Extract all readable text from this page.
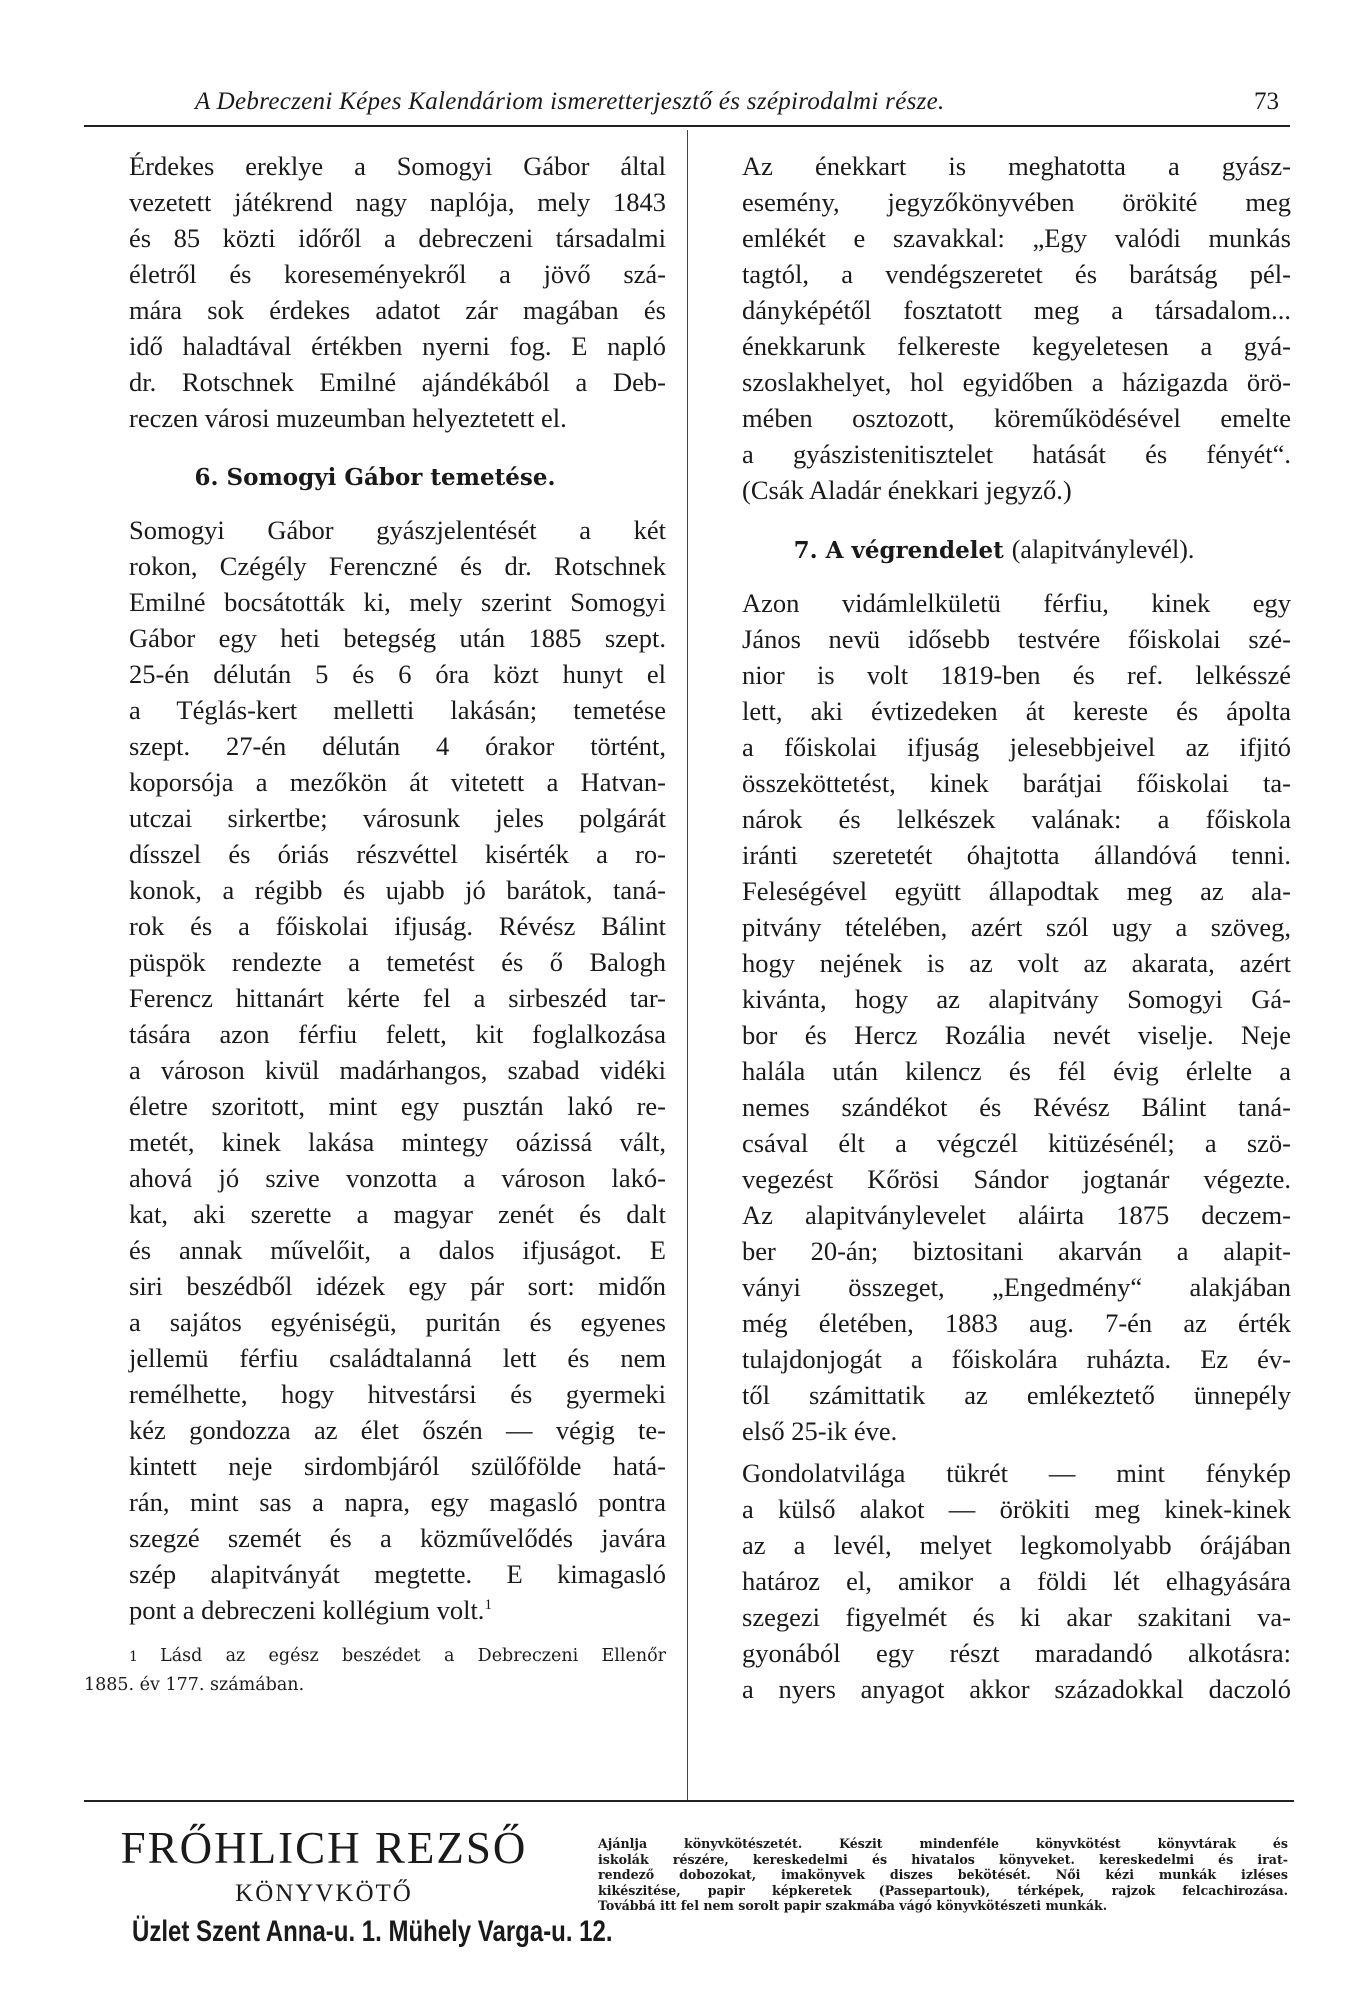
A Debreczeni Képes Kalendáriom ismeretterjesztő és szépirodalmi része.	73

Érdekes ereklye a Somogyi Gábor által
vezetett játékrend nagy naplója, mely 1843
és 85 közti időről a debreczeni társadalmi
életről és koreseményekről a jövő szá-
mára sok érdekes adatot zár magában és
idő haladtával értékben nyerni fog. E napló
dr. Rotschnek Emilné ajándékából a Deb-
reczen városi muzeumban helyeztetett el.

6. Somogyi Gábor temetése.

Somogyi Gábor gyászjelentését a két
rokon, Czégély Ferenczné és dr. Rotschnek
Emilné bocsátották ki, mely szerint Somogyi
Gábor egy heti betegség után 1885 szept.
25-én délután 5 és 6 óra közt hunyt el
a Téglás-kert melletti lakásán; temetése
szept. 27-én délután 4 órakor történt,
koporsója a mezőkön át vitetett a Hatvan-
utczai sirkertbe; városunk jeles polgárát
dísszel és óriás részvéttel kisérték a ro-
konok, a régibb és ujabb jó barátok, taná-
rok és a főiskolai ifjuság. Révész Bálint
püspök rendezte a temetést és ő Balogh
Ferencz hittanárt kérte fel a sirbeszéd tar-
tására azon férfiu felett, kit foglalkozása
a városon kivül madárhangos, szabad vidéki
életre szoritott, mint egy pusztán lakó re-
metét, kinek lakása mintegy oázissá vált,
ahová jó szive vonzotta a városon lakó-
kat, aki szerette a magyar zenét és dalt
és annak művelőit, a dalos ifjuságot. E
siri beszédből idézek egy pár sort: midőn
a sajátos egyéniségü, puritán és egyenes
jellemü férfiu családtalanná lett és nem
remélhette, hogy hitvestársi és gyermeki
kéz gondozza az élet őszén — végig te-
kintett neje sirdombjáról szülőfölde hatá-
rán, mint sas a napra, egy magasló pontra
szegzé szemét és a közművelődés javára
szép alapitványát megtette. E kimagasló
pont a debreczeni kollégium volt.$^1$

1 Lásd az egész beszédet a Debreczeni Ellenőr
1885. év 177. számában.

Az énekkart is meghatotta a gyász-
esemény, jegyzőkönyvében örökité meg
emlékét e szavakkal: „Egy valódi munkás
tagtól, a vendégszeretet és barátság pél-
dányképétől fosztatott meg a társadalom...
énekkarunk felkereste kegyeletesen a gyá-
szoslakhelyet, hol egyidőben a házigazda örö-
mében osztozott, köreműködésével emelte
a gyászistenitisztelet hatását és fényét“.
(Csák Aladár énekkari jegyző.)

7. A végrendelet (alapitványlevél).

Azon vidámlelkületü férfiu, kinek egy
János nevü idősebb testvére főiskolai szé-
nior is volt 1819-ben és ref. lelkésszé
lett, aki évtizedeken át kereste és ápolta
a főiskolai ifjuság jelesebbjeivel az ifjitó
összeköttetést, kinek barátjai főiskolai ta-
nárok és lelkészek valának: a főiskola
iránti szeretetét óhajtotta állandóvá tenni.
Feleségével együtt állapodtak meg az ala-
pitvány tételében, azért szól ugy a szöveg,
hogy nejének is az volt az akarata, azért
kivánta, hogy az alapitvány Somogyi Gá-
bor és Hercz Rozália nevét viselje. Neje
halála után kilencz és fél évig érlelte a
nemes szándékot és Révész Bálint taná-
csával élt a végczél kitüzésénél; a szö-
vegezést Kőrösi Sándor jogtanár végezte.
Az alapitványlevelet aláirta 1875 deczem-
ber 20-án; biztositani akarván a alapit-
ványi összeget, „Engedmény“ alakjában
még életében, 1883 aug. 7-én az érték
tulajdonjogát a főiskolára ruházta. Ez év-
től számittatik az emlékeztető ünnepély
első 25-ik éve.

Gondolatvilága tükrét — mint fénykép
a külső alakot — örökiti meg kinek-kinek
az a levél, melyet legkomolyabb órájában
határoz el, amikor a földi lét elhagyására
szegezi figyelmét és ki akar szakitani va-
gyonából egy részt maradandó alkotásra:
a nyers anyagot akkor századokkal daczoló

FRŐHLICH REZSŐ
KÖNYVKÖTŐ
Üzlet Szent Anna-u. 1. Mühely Varga-u. 12.
Ajánlja könyvkötészetét. Készit mindenféle könyvkötést könyvtárak és
iskolák részére, kereskedelmi és hivatalos könyveket. kereskedelmi és irat-
rendező dobozokat, imakönyvek diszes bekötését. Női kézi munkák izléses
kikészitése, papir képkeretek (Passepartouk), térképek, rajzok felcachirozása.
Továbbá itt fel nem sorolt papir szakmába vágó könyvkötészeti munkák.
